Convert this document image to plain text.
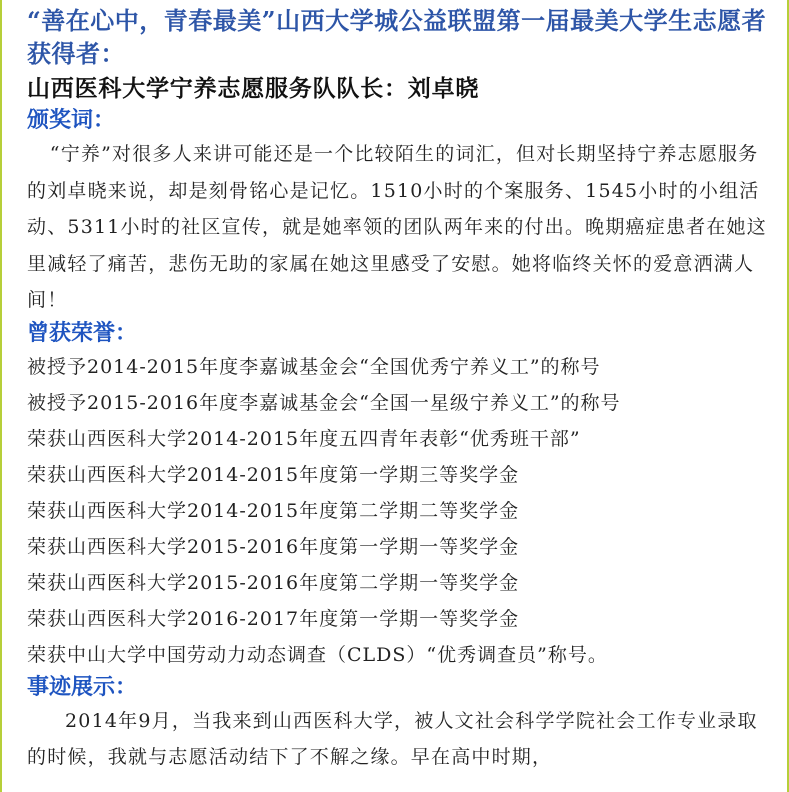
“善在心中，青春最美”山西大学城公益联盟第一届最美大学生志愿者获得者：
山西医科大学宁养志愿服务队队长：刘卓晓
颁奖词：

“宁养”对很多人来讲可能还是一个比较陌生的词汇，但对长期坚持宁养志愿服务的刘卓晓来说，却是刻骨铭心是记忆。1510小时的个案服务、1545小时的小组活动、5311小时的社区宣传，就是她率领的团队两年来的付出。晚期癌症患者在她这里减轻了痛苦，悲伤无助的家属在她这里感受了安慰。她将临终关怀的爱意洒满人间！

曾获荣誉：
被授予2014-2015年度李嘉诚基金会“全国优秀宁养义工”的称号
被授予2015-2016年度李嘉诚基金会“全国一星级宁养义工”的称号
荣获山西医科大学2014-2015年度五四青年表彰“优秀班干部”
荣获山西医科大学2014-2015年度第一学期三等奖学金
荣获山西医科大学2014-2015年度第二学期二等奖学金
荣获山西医科大学2015-2016年度第一学期一等奖学金
荣获山西医科大学2015-2016年度第二学期一等奖学金
荣获山西医科大学2016-2017年度第一学期一等奖学金
荣获中山大学中国劳动力动态调查（CLDS）“优秀调查员”称号。
事迹展示：

2014年9月，当我来到山西医科大学，被人文社会科学学院社会工作专业录取的时候，我就与志愿活动结下了不解之缘。早在高中时期，
